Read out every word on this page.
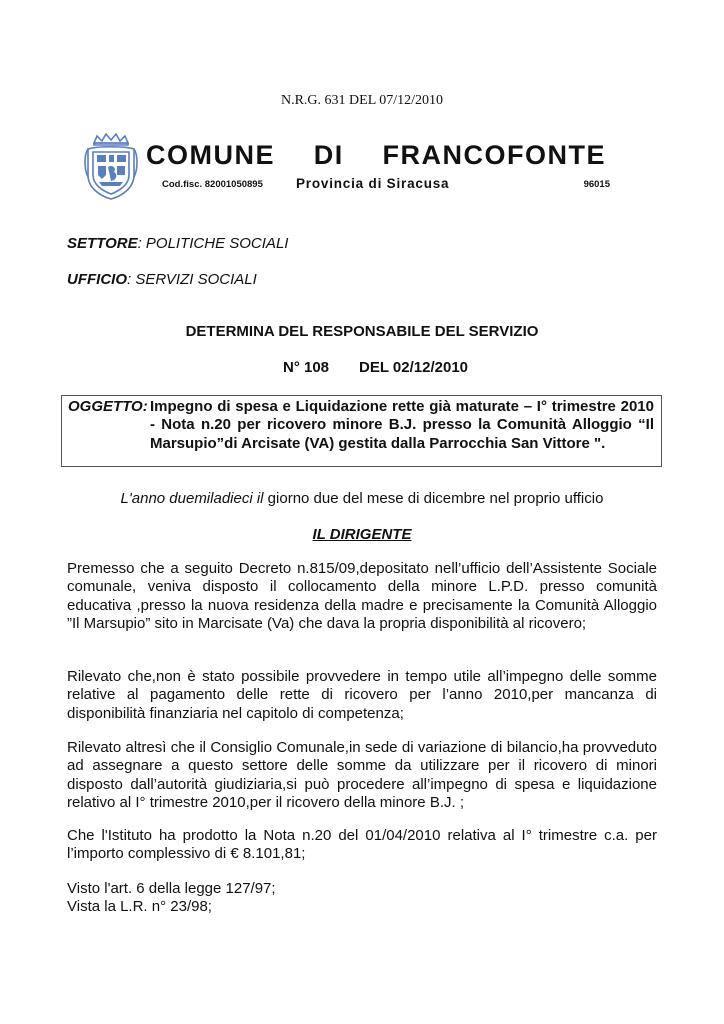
N.R.G. 631 DEL 07/12/2010
COMUNE DI FRANCOFONTE
Cod.fisc. 82001050895 Provincia di Siracusa	96015
SETTORE: POLITICHE SOCIALI
UFFICIO: SERVIZI SOCIALI
DETERMINA DEL RESPONSABILE DEL SERVIZIO
N° 108 DEL 02/12/2010
OGGETTO: Impegno di spesa e Liquidazione rette già maturate – I° trimestre 2010 - Nota n.20 per ricovero minore B.J. presso la Comunità Alloggio “Il Marsupio”di Arcisate (VA) gestita dalla Parrocchia San Vittore ".
L'anno duemiladieci il giorno due del mese di dicembre nel proprio ufficio
IL DIRIGENTE

Premesso che a seguito Decreto n.815/09,depositato nell’ufficio dell’Assistente Sociale comunale, veniva disposto il collocamento della minore L.P.D. presso comunità educativa ,presso la nuova residenza della madre e precisamente la Comunità Alloggio ”Il Marsupio” sito in Marcisate (Va) che dava la propria disponibilità al ricovero;

Rilevato che,non è stato possibile provvedere in tempo utile all’impegno delle somme relative al pagamento delle rette di ricovero per l’anno 2010,per mancanza di disponibilità finanziaria nel capitolo di competenza;

Rilevato altresì che il Consiglio Comunale,in sede di variazione di bilancio,ha provveduto ad assegnare a questo settore delle somme da utilizzare per il ricovero di minori disposto dall’autorità giudiziaria,si può procedere all’impegno di spesa e liquidazione relativo al I° trimestre 2010,per il ricovero della minore B.J. ;

Che l'Istituto ha prodotto la Nota n.20 del 01/04/2010 relativa al I° trimestre c.a. per l’importo complessivo di € 8.101,81;

Visto l'art. 6 della legge 127/97;

Vista la L.R. n° 23/98;
